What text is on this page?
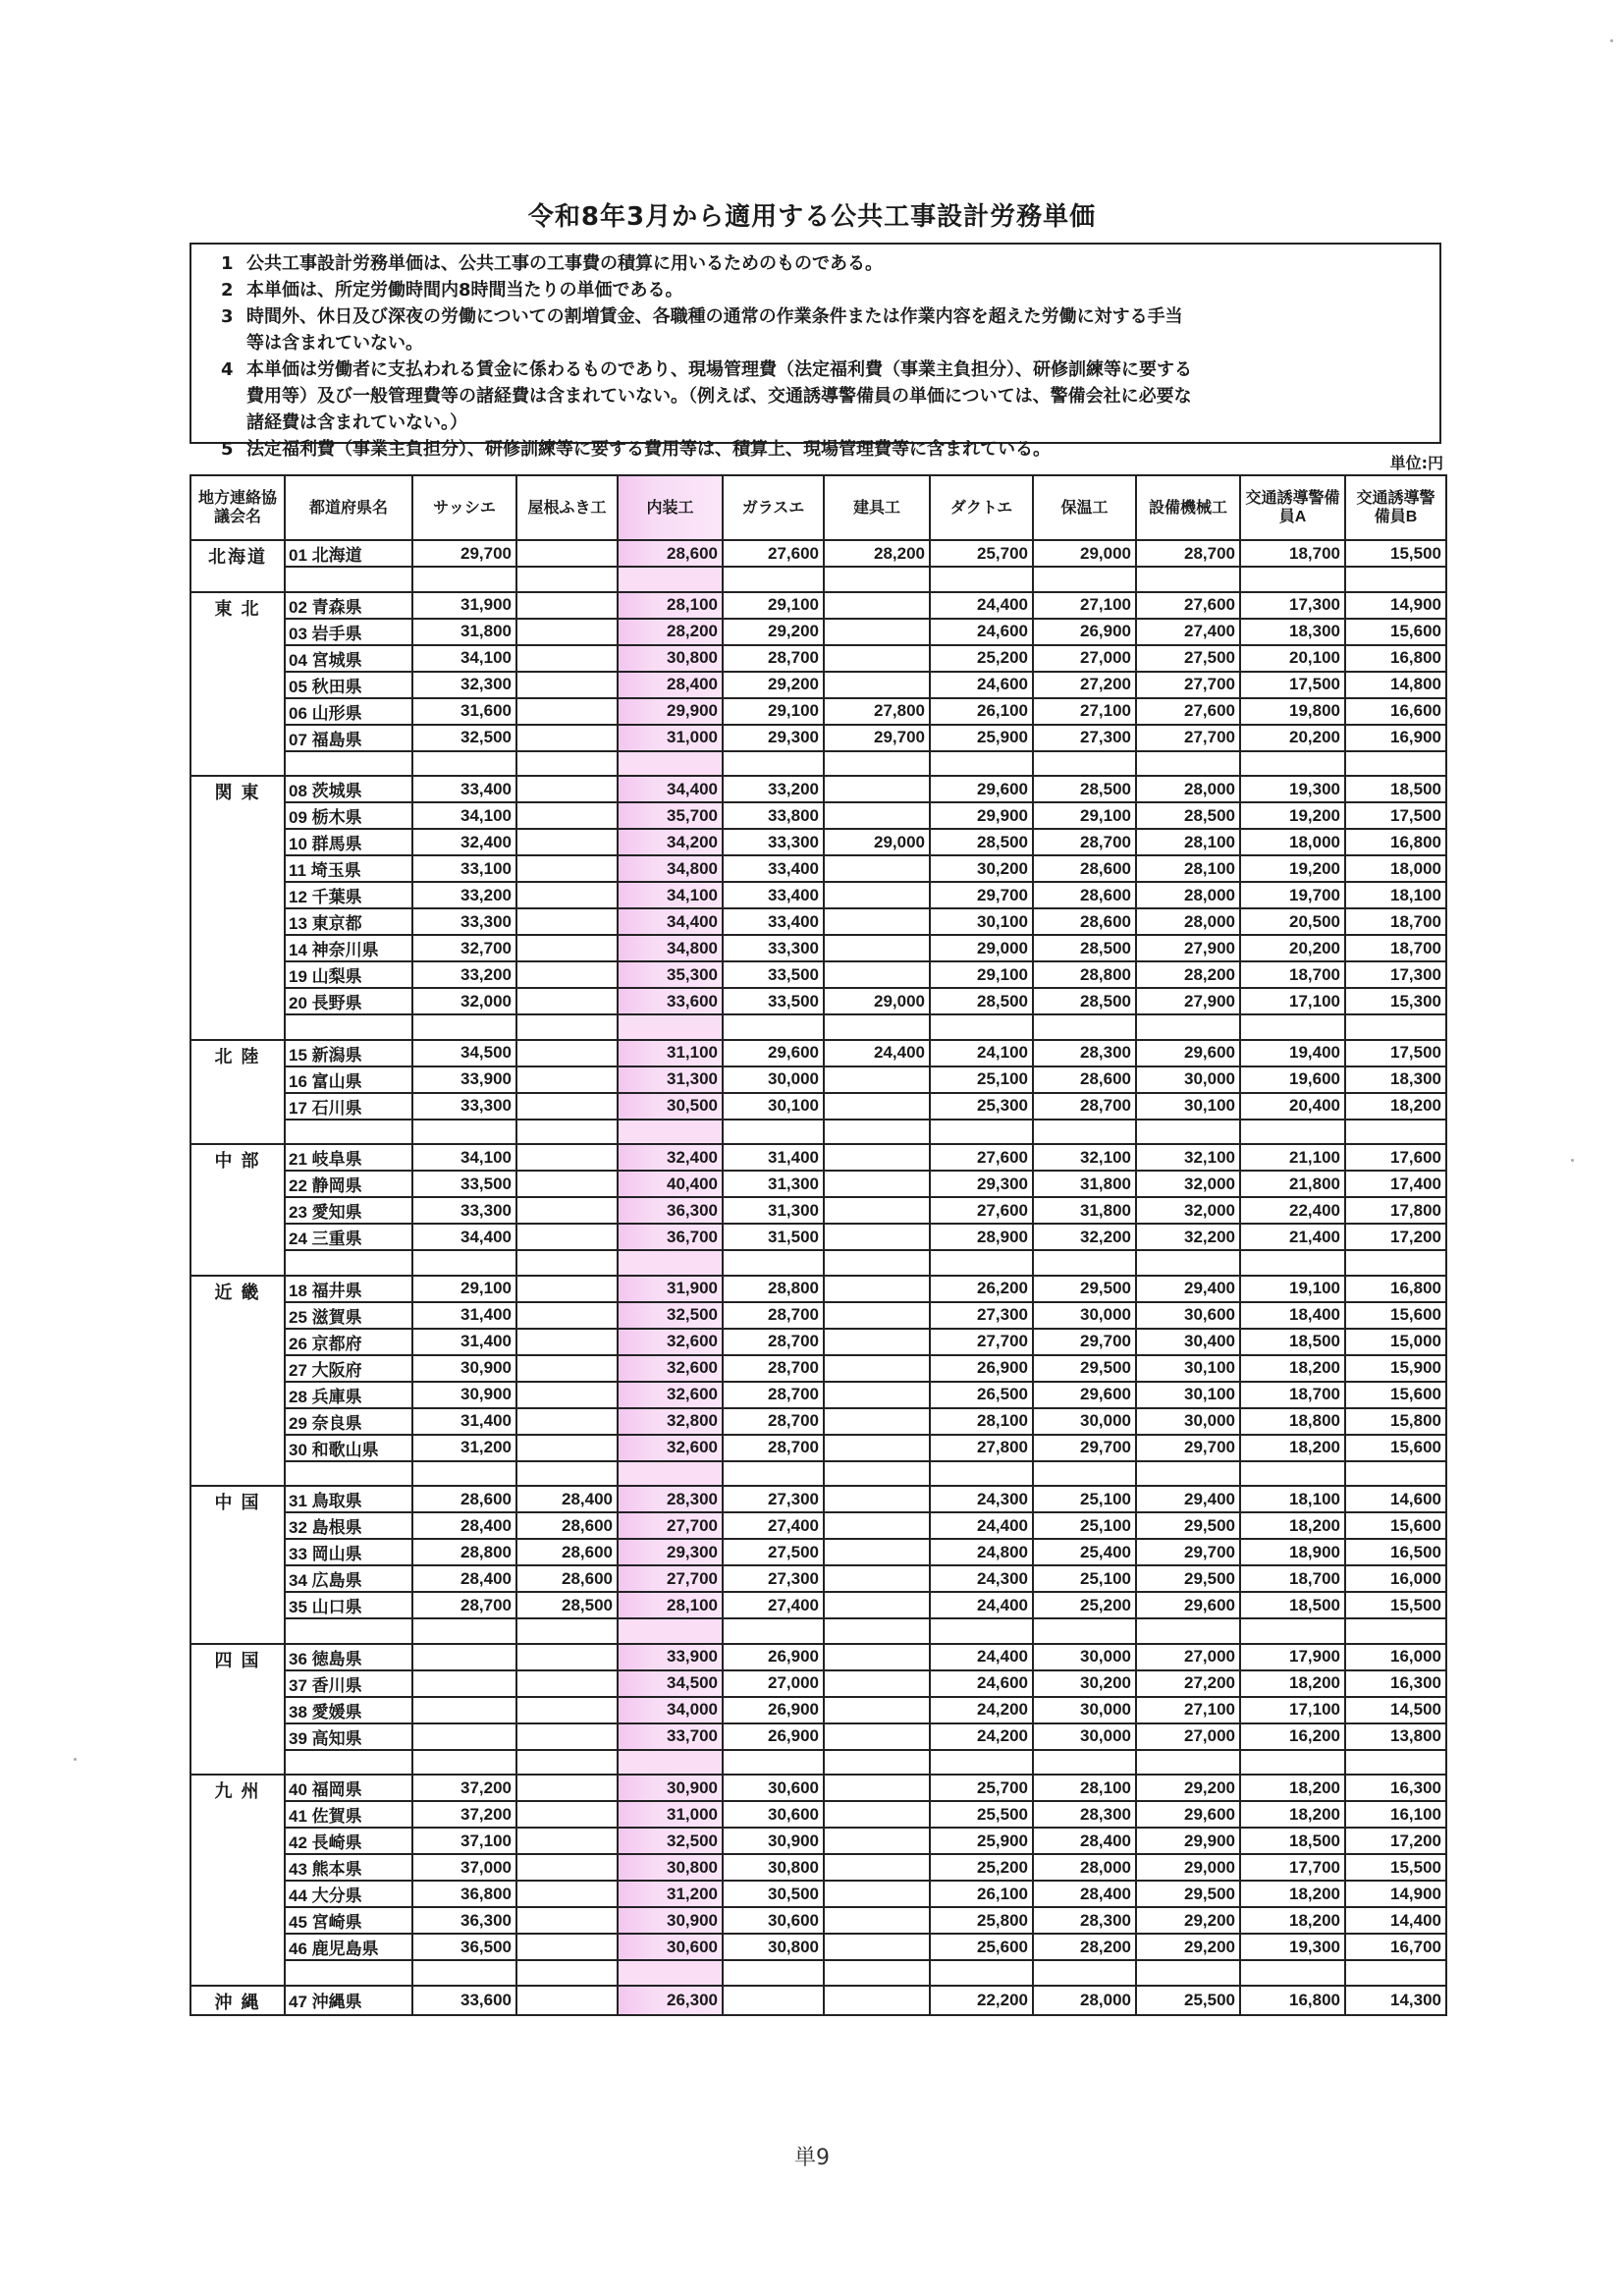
令和8年3月から適用する公共工事設計労務単価
1 公共工事設計労務単価は、公共工事の工事費の積算に用いるためのものである。
2 本単価は、所定労働時間内8時間当たりの単価である。
3 時間外、休日及び深夜の労働についての割増賃金、各職種の通常の作業条件または作業内容を超えた労働に対する手当
等は含まれていない。
4 本単価は労働者に支払われる賃金に係わるものであり、現場管理費（法定福利費（事業主負担分）、研修訓練等に要する
費用等）及び一般管理費等の諸経費は含まれていない。（例えば、交通誘導警備員の単価については、警備会社に必要な
諸経費は含まれていない。）
5 法定福利費（事業主負担分）、研修訓練等に要する費用等は、積算上、現場管理費等に含まれている。
単位:円
地方連絡協議会名	都道府県名	サッシエ	屋根ふき工	内装工	ガラスエ	建具工	ダクトエ	保温工	設備機械工	交通誘導警備員A	交通誘導警備員B
北海道	01 北海道	29,700		28,600	27,600	28,200	25,700	29,000	28,700	18,700	15,500

東 北	02 青森県	31,900		28,100	29,100		24,400	27,100	27,600	17,300	14,900
	03 岩手県	31,800		28,200	29,200		24,600	26,900	27,400	18,300	15,600
	04 宮城県	34,100		30,800	28,700		25,200	27,000	27,500	20,100	16,800
	05 秋田県	32,300		28,400	29,200		24,600	27,200	27,700	17,500	14,800
	06 山形県	31,600		29,900	29,100	27,800	26,100	27,100	27,600	19,800	16,600
	07 福島県	32,500		31,000	29,300	29,700	25,900	27,300	27,700	20,200	16,900

関 東	08 茨城県	33,400		34,400	33,200		29,600	28,500	28,000	19,300	18,500
	09 栃木県	34,100		35,700	33,800		29,900	29,100	28,500	19,200	17,500
	10 群馬県	32,400		34,200	33,300	29,000	28,500	28,700	28,100	18,000	16,800
	11 埼玉県	33,100		34,800	33,400		30,200	28,600	28,100	19,200	18,000
	12 千葉県	33,200		34,100	33,400		29,700	28,600	28,000	19,700	18,100
	13 東京都	33,300		34,400	33,400		30,100	28,600	28,000	20,500	18,700
	14 神奈川県	32,700		34,800	33,300		29,000	28,500	27,900	20,200	18,700
	19 山梨県	33,200		35,300	33,500		29,100	28,800	28,200	18,700	17,300
	20 長野県	32,000		33,600	33,500	29,000	28,500	28,500	27,900	17,100	15,300

北 陸	15 新潟県	34,500		31,100	29,600	24,400	24,100	28,300	29,600	19,400	17,500
	16 富山県	33,900		31,300	30,000		25,100	28,600	30,000	19,600	18,300
	17 石川県	33,300		30,500	30,100		25,300	28,700	30,100	20,400	18,200

中 部	21 岐阜県	34,100		32,400	31,400		27,600	32,100	32,100	21,100	17,600
	22 静岡県	33,500		40,400	31,300		29,300	31,800	32,000	21,800	17,400
	23 愛知県	33,300		36,300	31,300		27,600	31,800	32,000	22,400	17,800
	24 三重県	34,400		36,700	31,500		28,900	32,200	32,200	21,400	17,200

近 畿	18 福井県	29,100		31,900	28,800		26,200	29,500	29,400	19,100	16,800
	25 滋賀県	31,400		32,500	28,700		27,300	30,000	30,600	18,400	15,600
	26 京都府	31,400		32,600	28,700		27,700	29,700	30,400	18,500	15,000
	27 大阪府	30,900		32,600	28,700		26,900	29,500	30,100	18,200	15,900
	28 兵庫県	30,900		32,600	28,700		26,500	29,600	30,100	18,700	15,600
	29 奈良県	31,400		32,800	28,700		28,100	30,000	30,000	18,800	15,800
	30 和歌山県	31,200		32,600	28,700		27,800	29,700	29,700	18,200	15,600

中 国	31 鳥取県	28,600	28,400	28,300	27,300		24,300	25,100	29,400	18,100	14,600
	32 島根県	28,400	28,600	27,700	27,400		24,400	25,100	29,500	18,200	15,600
	33 岡山県	28,800	28,600	29,300	27,500		24,800	25,400	29,700	18,900	16,500
	34 広島県	28,400	28,600	27,700	27,300		24,300	25,100	29,500	18,700	16,000
	35 山口県	28,700	28,500	28,100	27,400		24,400	25,200	29,600	18,500	15,500

四 国	36 徳島県			33,900	26,900		24,400	30,000	27,000	17,900	16,000
	37 香川県			34,500	27,000		24,600	30,200	27,200	18,200	16,300
	38 愛媛県			34,000	26,900		24,200	30,000	27,100	17,100	14,500
	39 高知県			33,700	26,900		24,200	30,000	27,000	16,200	13,800

九 州	40 福岡県	37,200		30,900	30,600		25,700	28,100	29,200	18,200	16,300
	41 佐賀県	37,200		31,000	30,600		25,500	28,300	29,600	18,200	16,100
	42 長崎県	37,100		32,500	30,900		25,900	28,400	29,900	18,500	17,200
	43 熊本県	37,000		30,800	30,800		25,200	28,000	29,000	17,700	15,500
	44 大分県	36,800		31,200	30,500		26,100	28,400	29,500	18,200	14,900
	45 宮崎県	36,300		30,900	30,600		25,800	28,300	29,200	18,200	14,400
	46 鹿児島県	36,500		30,600	30,800		25,600	28,200	29,200	19,300	16,700

沖 縄	47 沖縄県	33,600		26,300			22,200	28,000	25,500	16,800	14,300
単9
